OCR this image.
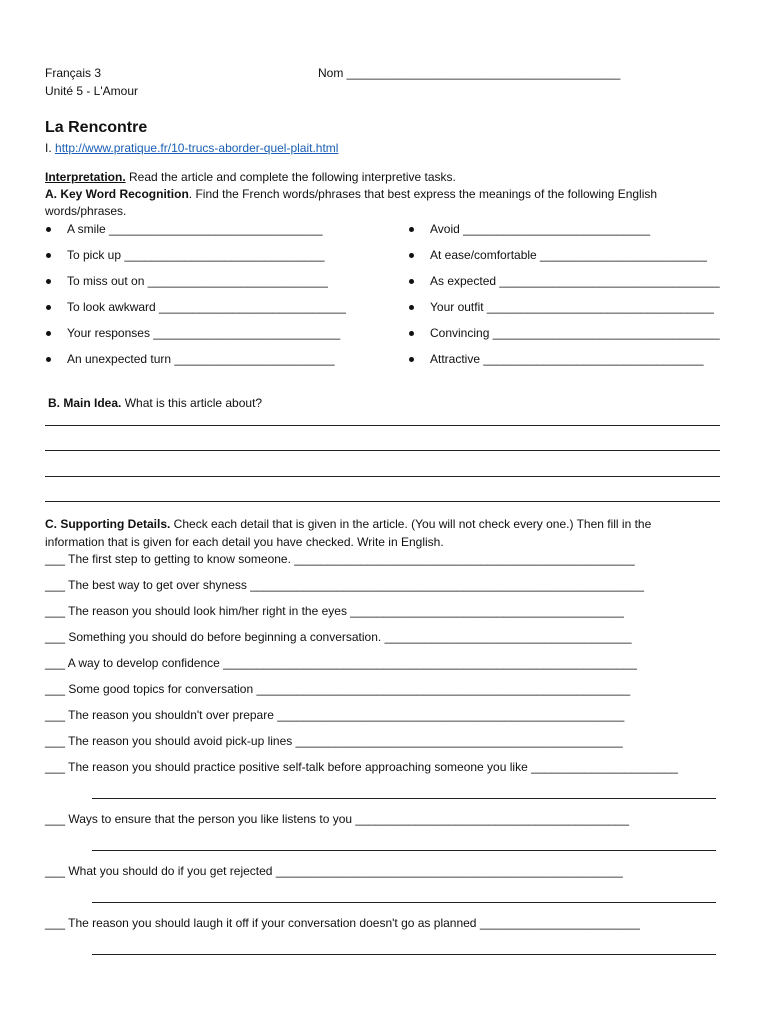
Français 3
Unité 5 - L'Amour
Nom _________________________________________
La Rencontre
I. http://www.pratique.fr/10-trucs-aborder-quel-plait.html
Interpretation. Read the article and complete the following interpretive tasks.
A. Key Word Recognition. Find the French words/phrases that best express the meanings of the following English
words/phrases.
A smile ________________________________
To pick up ______________________________
To miss out on ___________________________
To look awkward ____________________________
Your responses ____________________________
An unexpected turn ________________________
Avoid ____________________________
At ease/comfortable _________________________
As expected _________________________________
Your outfit __________________________________
Convincing __________________________________
Attractive _________________________________
B. Main Idea. What is this article about?
C. Supporting Details. Check each detail that is given in the article. (You will not check every one.) Then fill in the
information that is given for each detail you have checked. Write in English.
___ The first step to getting to know someone. ___________________________________________________
___ The best way to get over shyness ___________________________________________________________
___ The reason you should look him/her right in the eyes _________________________________________
___ Something you should do before beginning a conversation. _____________________________________
___ A way to develop confidence ______________________________________________________________
___ Some good topics for conversation ________________________________________________________
___ The reason you shouldn't over prepare ____________________________________________________
___ The reason you should avoid pick-up lines _________________________________________________
___ The reason you should practice positive self-talk before approaching someone you like ______________________
___ Ways to ensure that the person you like listens to you _________________________________________
___ What you should do if you get rejected ____________________________________________________
___ The reason you should laugh it off if your conversation doesn't go as planned ________________________
